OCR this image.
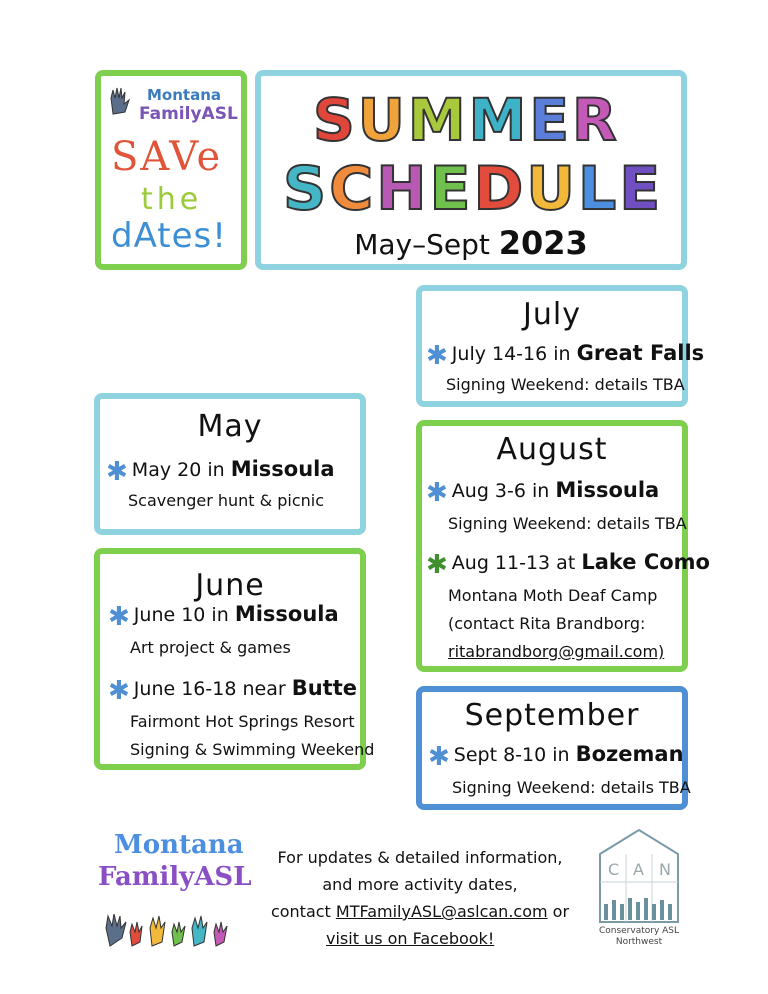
Montana
FamilyASL
SAVe
the
dAtes!
SUMMER
SCHEDULE
May–Sept 2023
July
✱ July 14-16 in Great Falls
Signing Weekend: details TBA
May
✱ May 20 in Missoula
Scavenger hunt & picnic
August
✱ Aug 3-6 in Missoula
Signing Weekend: details TBA
✱ Aug 11-13 at Lake Como
Montana Moth Deaf Camp
(contact Rita Brandborg:
ritabrandborg@gmail.com)
June
✱ June 10 in Missoula
Art project & games
✱ June 16-18 near Butte
Fairmont Hot Springs Resort
Signing & Swimming Weekend
September
✱ Sept 8-10 in Bozeman
Signing Weekend: details TBA
Montana
FamilyASL
For updates & detailed information,
and more activity dates,
contact MTFamilyASL@aslcan.com or
visit us on Facebook!
C A N
Conservatory ASL
Northwest
